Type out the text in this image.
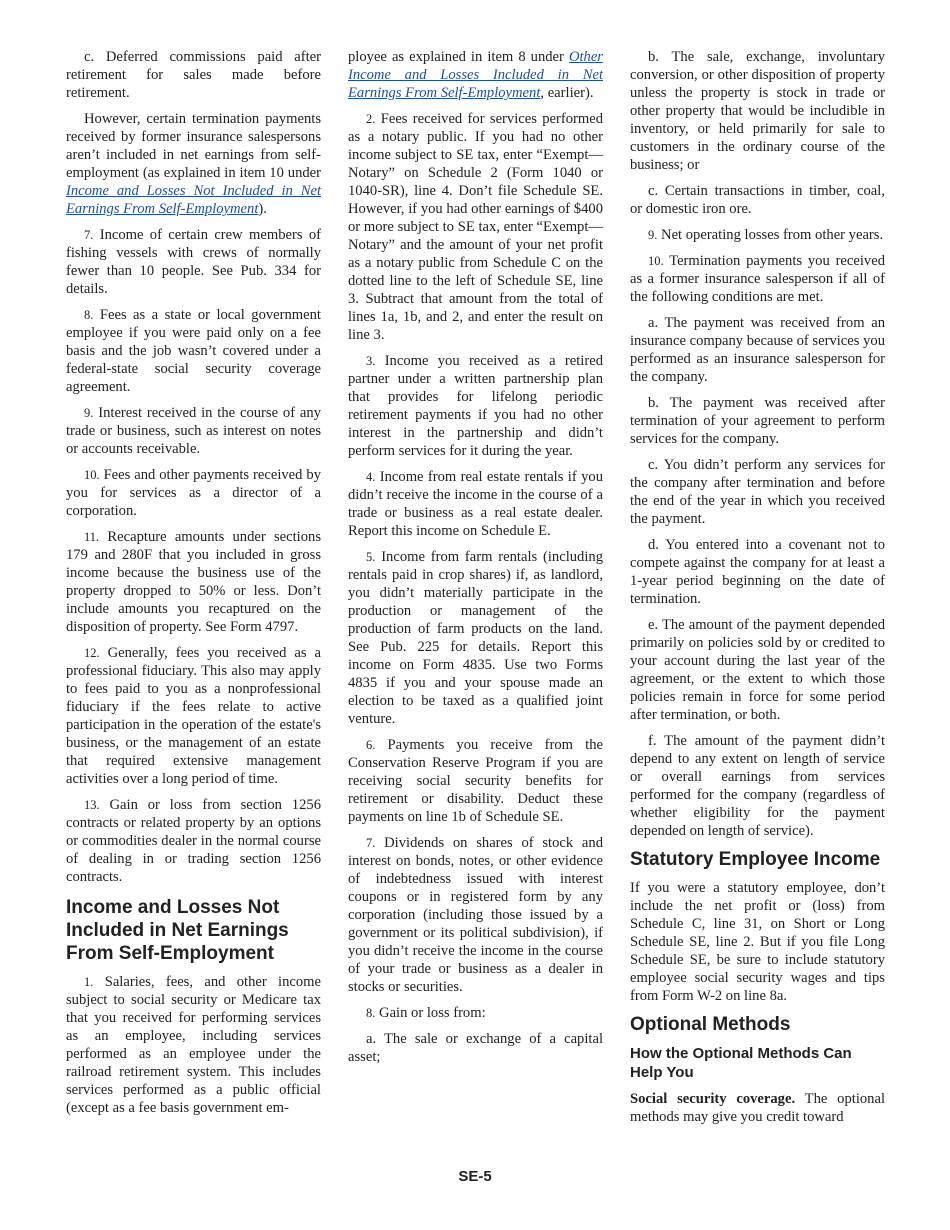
c. Deferred commissions paid after retirement for sales made before retirement.

However, certain termination payments received by former insurance salespersons aren’t included in net earnings from self-employment (as explained in item 10 under Income and Losses Not Included in Net Earnings From Self-Employment).

7. Income of certain crew members of fishing vessels with crews of normally fewer than 10 people. See Pub. 334 for details.

8. Fees as a state or local government employee if you were paid only on a fee basis and the job wasn’t covered under a federal-state social security coverage agreement.

9. Interest received in the course of any trade or business, such as interest on notes or accounts receivable.

10. Fees and other payments received by you for services as a director of a corporation.

11. Recapture amounts under sections 179 and 280F that you included in gross income because the business use of the property dropped to 50% or less. Don’t include amounts you recaptured on the disposition of property. See Form 4797.

12. Generally, fees you received as a professional fiduciary. This also may apply to fees paid to you as a nonprofessional fiduciary if the fees relate to active participation in the operation of the estate's business, or the management of an estate that required extensive management activities over a long period of time.

13. Gain or loss from section 1256 contracts or related property by an options or commodities dealer in the normal course of dealing in or trading section 1256 contracts.

Income and Losses Not Included in Net Earnings From Self-Employment

1. Salaries, fees, and other income subject to social security or Medicare tax that you received for performing services as an employee, including services performed as an employee under the railroad retirement system. This includes services performed as a public official (except as a fee basis government em-

ployee as explained in item 8 under Other Income and Losses Included in Net Earnings From Self-Employment, earlier).

2. Fees received for services performed as a notary public. If you had no other income subject to SE tax, enter “Exempt—Notary” on Schedule 2 (Form 1040 or 1040-SR), line 4. Don’t file Schedule SE. However, if you had other earnings of $400 or more subject to SE tax, enter “Exempt—Notary” and the amount of your net profit as a notary public from Schedule C on the dotted line to the left of Schedule SE, line 3. Subtract that amount from the total of lines 1a, 1b, and 2, and enter the result on line 3.

3. Income you received as a retired partner under a written partnership plan that provides for lifelong periodic retirement payments if you had no other interest in the partnership and didn’t perform services for it during the year.

4. Income from real estate rentals if you didn’t receive the income in the course of a trade or business as a real estate dealer. Report this income on Schedule E.

5. Income from farm rentals (including rentals paid in crop shares) if, as landlord, you didn’t materially participate in the production or management of the production of farm products on the land. See Pub. 225 for details. Report this income on Form 4835. Use two Forms 4835 if you and your spouse made an election to be taxed as a qualified joint venture.

6. Payments you receive from the Conservation Reserve Program if you are receiving social security benefits for retirement or disability. Deduct these payments on line 1b of Schedule SE.

7. Dividends on shares of stock and interest on bonds, notes, or other evidence of indebtedness issued with interest coupons or in registered form by any corporation (including those issued by a government or its political subdivision), if you didn’t receive the income in the course of your trade or business as a dealer in stocks or securities.

8. Gain or loss from:

a. The sale or exchange of a capital asset;

b. The sale, exchange, involuntary conversion, or other disposition of property unless the property is stock in trade or other property that would be includible in inventory, or held primarily for sale to customers in the ordinary course of the business; or

c. Certain transactions in timber, coal, or domestic iron ore.

9. Net operating losses from other years.

10. Termination payments you received as a former insurance salesperson if all of the following conditions are met.

a. The payment was received from an insurance company because of services you performed as an insurance salesperson for the company.

b. The payment was received after termination of your agreement to perform services for the company.

c. You didn’t perform any services for the company after termination and before the end of the year in which you received the payment.

d. You entered into a covenant not to compete against the company for at least a 1-year period beginning on the date of termination.

e. The amount of the payment depended primarily on policies sold by or credited to your account during the last year of the agreement, or the extent to which those policies remain in force for some period after termination, or both.

f. The amount of the payment didn’t depend to any extent on length of service or overall earnings from services performed for the company (regardless of whether eligibility for the payment depended on length of service).

Statutory Employee Income

If you were a statutory employee, don’t include the net profit or (loss) from Schedule C, line 31, on Short or Long Schedule SE, line 2. But if you file Long Schedule SE, be sure to include statutory employee social security wages and tips from Form W-2 on line 8a.

Optional Methods
How the Optional Methods Can Help You

Social security coverage. The optional methods may give you credit toward

SE-5
